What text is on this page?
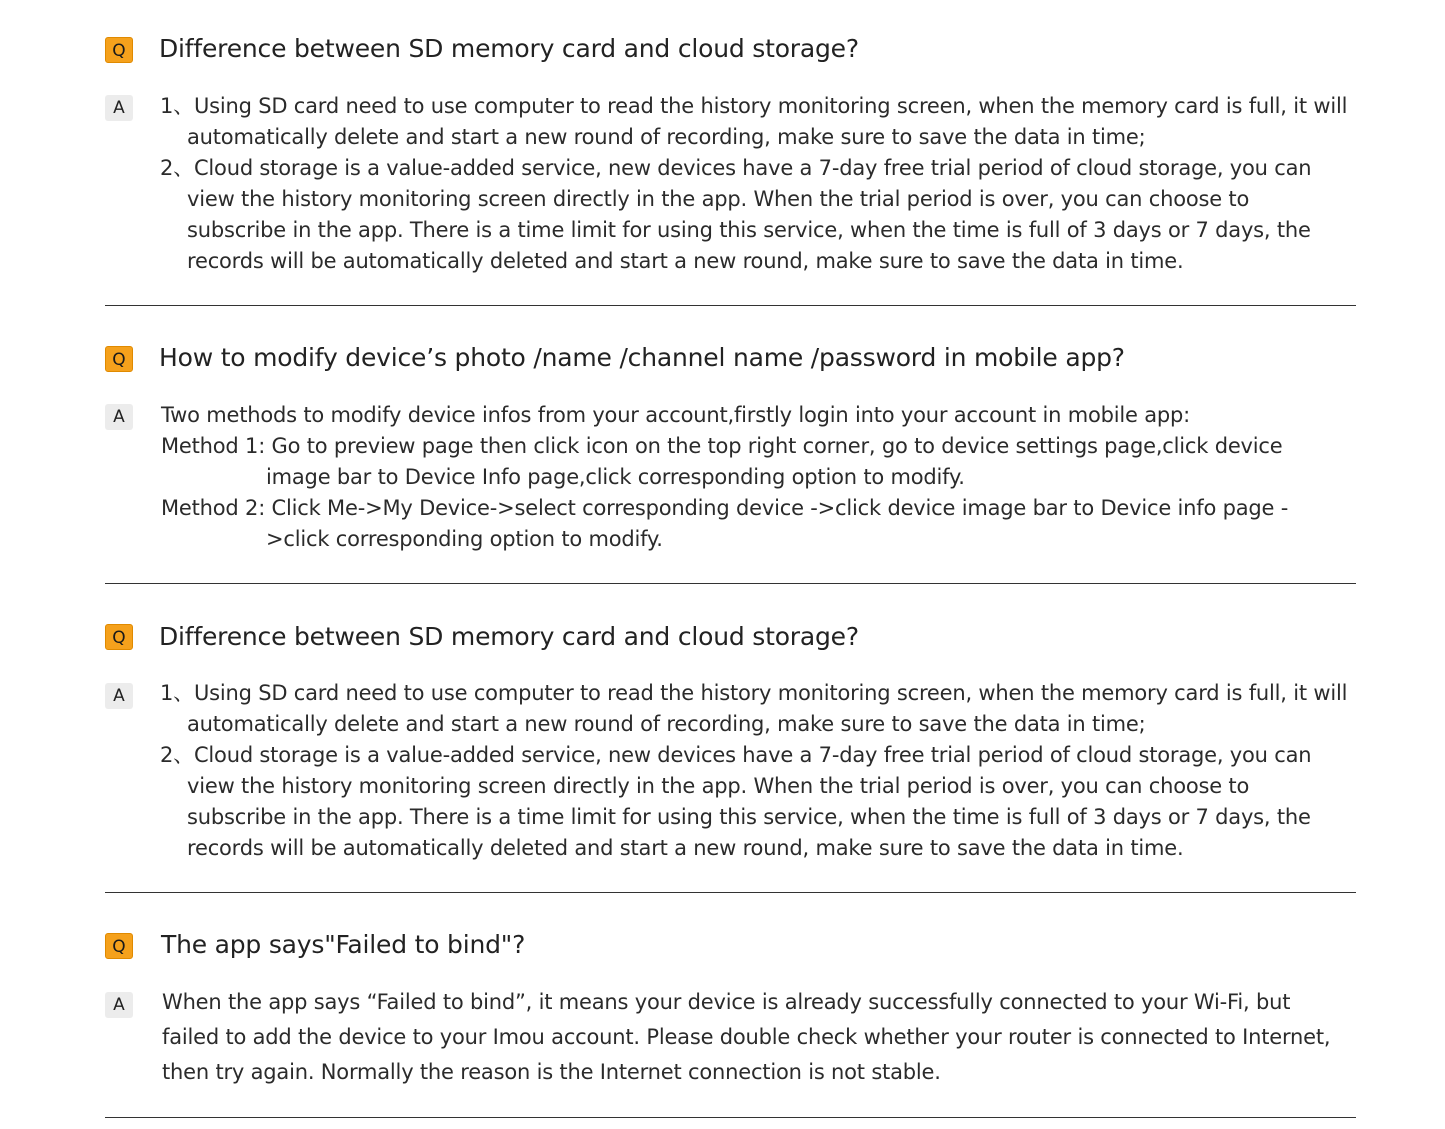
Q Difference between SD memory card and cloud storage?
A	1、Using SD card need to use computer to read the history monitoring screen, when the memory card is full, it will automatically delete and start a new round of recording, make sure to save the data in time;

2、Cloud storage is a value-added service, new devices have a 7-day free trial period of cloud storage, you can view the history monitoring screen directly in the app. When the trial period is over, you can choose to subscribe in the app. There is a time limit for using this service, when the time is full of 3 days or 7 days, the records will be automatically deleted and start a new round, make sure to save the data in time.

Q How to modify device’s photo /name /channel name /password in mobile app?
A	Two methods to modify device infos from your account,firstly login into your account in mobile app:

Method 1: Go to preview page then click icon on the top right corner, go to device settings page,click device image bar to Device Info page,click corresponding option to modify.

Method 2: Click Me->My Device->select corresponding device ->click device image bar to Device info page ->click corresponding option to modify.

Q Difference between SD memory card and cloud storage?
A	1、Using SD card need to use computer to read the history monitoring screen, when the memory card is full, it will automatically delete and start a new round of recording, make sure to save the data in time;

2、Cloud storage is a value-added service, new devices have a 7-day free trial period of cloud storage, you can view the history monitoring screen directly in the app. When the trial period is over, you can choose to subscribe in the app. There is a time limit for using this service, when the time is full of 3 days or 7 days, the records will be automatically deleted and start a new round, make sure to save the data in time.

Q The app says"Failed to bind"?
A	When the app says “Failed to bind”, it means your device is already successfully connected to your Wi-Fi, but failed to add the device to your Imou account. Please double check whether your router is connected to Internet, then try again. Normally the reason is the Internet connection is not stable.
